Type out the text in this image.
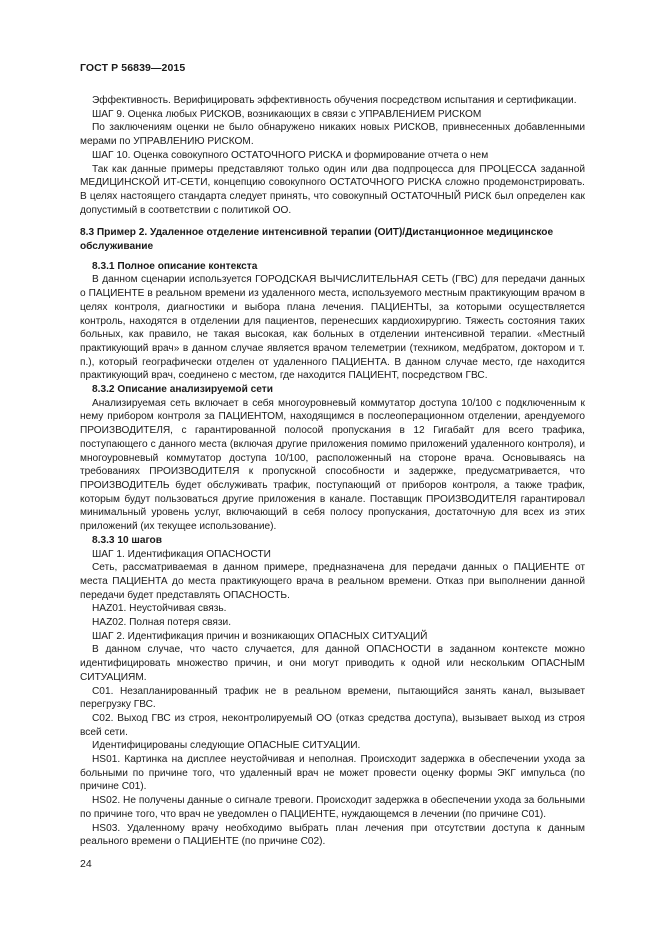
ГОСТ Р 56839—2015

Эффективность. Верифицировать эффективность обучения посредством испытания и сертификации.

ШАГ 9. Оценка любых РИСКОВ, возникающих в связи с УПРАВЛЕНИЕМ РИСКОМ

По заключениям оценки не было обнаружено никаких новых РИСКОВ, привнесенных добавленными мерами по УПРАВЛЕНИЮ РИСКОМ.

ШАГ 10. Оценка совокупного ОСТАТОЧНОГО РИСКА и формирование отчета о нем

Так как данные примеры представляют только один или два подпроцесса для ПРОЦЕССА заданной МЕДИЦИНСКОЙ ИТ-СЕТИ, концепцию совокупного ОСТАТОЧНОГО РИСКА сложно продемонстрировать. В целях настоящего стандарта следует принять, что совокупный ОСТАТОЧНЫЙ РИСК был определен как допустимый в соответствии с политикой ОО.

8.3 Пример 2. Удаленное отделение интенсивной терапии (ОИТ)/Дистанционное медицинское обслуживание
8.3.1 Полное описание контекста

В данном сценарии используется ГОРОДСКАЯ ВЫЧИСЛИТЕЛЬНАЯ СЕТЬ (ГВС) для передачи данных о ПАЦИЕНТЕ в реальном времени из удаленного места, используемого местным практикующим врачом в целях контроля, диагностики и выбора плана лечения. ПАЦИЕНТЫ, за которыми осуществляется контроль, находятся в отделении для пациентов, перенесших кардиохирургию. Тяжесть состояния таких больных, как правило, не такая высокая, как больных в отделении интенсивной терапии. «Местный практикующий врач» в данном случае является врачом телеметрии (техником, медбратом, доктором и т. п.), который географически отделен от удаленного ПАЦИЕНТА. В данном случае место, где находится практикующий врач, соединено с местом, где находится ПАЦИЕНТ, посредством ГВС.

8.3.2 Описание анализируемой сети

Анализируемая сеть включает в себя многоуровневый коммутатор доступа 10/100 с подключенным к нему прибором контроля за ПАЦИЕНТОМ, находящимся в послеоперационном отделении, арендуемого ПРОИЗВОДИТЕЛЯ, с гарантированной полосой пропускания в 12 Гигабайт для всего трафика, поступающего с данного места (включая другие приложения помимо приложений удаленного контроля), и многоуровневый коммутатор доступа 10/100, расположенный на стороне врача. Основываясь на требованиях ПРОИЗВОДИТЕЛЯ к пропускной способности и задержке, предусматривается, что ПРОИЗВОДИТЕЛЬ будет обслуживать трафик, поступающий от приборов контроля, а также трафик, которым будут пользоваться другие приложения в канале. Поставщик ПРОИЗВОДИТЕЛЯ гарантировал минимальный уровень услуг, включающий в себя полосу пропускания, достаточную для всех из этих приложений (их текущее использование).

8.3.3 10 шагов

ШАГ 1. Идентификация ОПАСНОСТИ

Сеть, рассматриваемая в данном примере, предназначена для передачи данных о ПАЦИЕНТЕ от места ПАЦИЕНТА до места практикующего врача в реальном времени. Отказ при выполнении данной передачи будет представлять ОПАСНОСТЬ.

HAZ01. Неустойчивая связь.

HAZ02. Полная потеря связи.

ШАГ 2. Идентификация причин и возникающих ОПАСНЫХ СИТУАЦИЙ

В данном случае, что часто случается, для данной ОПАСНОСТИ в заданном контексте можно идентифицировать множество причин, и они могут приводить к одной или нескольким ОПАСНЫМ СИТУАЦИЯМ.

С01. Незапланированный трафик не в реальном времени, пытающийся занять канал, вызывает перегрузку ГВС.

С02. Выход ГВС из строя, неконтролируемый ОО (отказ средства доступа), вызывает выход из строя всей сети.

Идентифицированы следующие ОПАСНЫЕ СИТУАЦИИ.

HS01. Картинка на дисплее неустойчивая и неполная. Происходит задержка в обеспечении ухода за больными по причине того, что удаленный врач не может провести оценку формы ЭКГ импульса (по причине С01).

HS02. Не получены данные о сигнале тревоги. Происходит задержка в обеспечении ухода за больными по причине того, что врач не уведомлен о ПАЦИЕНТЕ, нуждающемся в лечении (по причине С01).

HS03. Удаленному врачу необходимо выбрать план лечения при отсутствии доступа к данным реального времени о ПАЦИЕНТЕ (по причине С02).

24
